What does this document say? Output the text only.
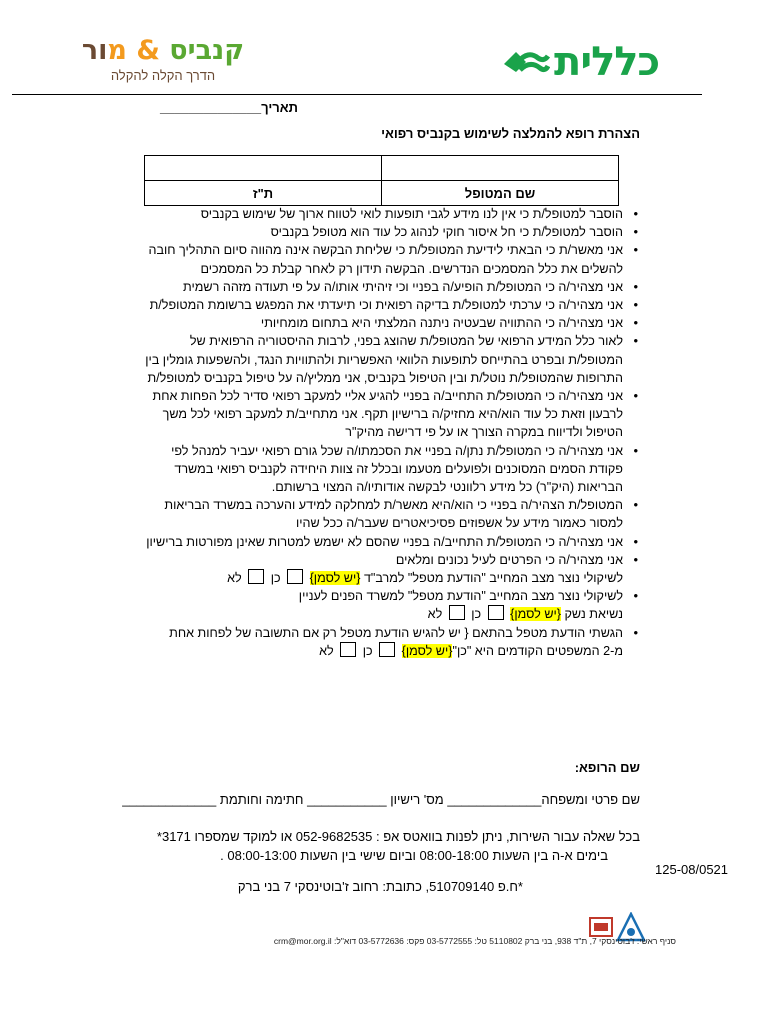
כללית
קנביס & מור
הדרך הקלה להקלה
תאריך______________
הצהרת רופא להמלצה לשימוש בקנביס רפואי

שם המטופל	ת"ז
• הוסבר למטופל/ת כי אין לנו מידע לגבי תופעות לואי לטווח ארוך של שימוש בקנביס
• הוסבר למטופל/ת כי חל איסור חוקי לנהוג כל עוד הוא מטופל בקנביס
• אני מאשר/ת כי הבאתי לידיעת המטופל/ת כי שליחת הבקשה אינה מהווה סיום התהליך חובה להשלים את כלל המסמכים הנדרשים. הבקשה תידון רק לאחר קבלת כל המסמכים
• אני מצהיר/ה כי המטופל/ת הופיע/ה בפניי וכי זיהיתי אותו/ה על פי תעודה מזהה רשמית
• אני מצהיר/ה כי ערכתי למטופל/ת בדיקה רפואית וכי תיעדתי את המפגש ברשומת המטופל/ת
• אני מצהיר/ה כי ההתוויה שבעטיה ניתנה המלצתי היא בתחום מומחיותי
• לאור כלל המידע הרפואי של המטופל/ת שהוצג בפני, לרבות ההיסטוריה הרפואית של המטופל/ת ובפרט בהתייחס לתופעות הלוואי האפשריות ולהתוויות הנגד, ולהשפעות גומלין בין התרופות שהמטופל/ת נוטל/ת ובין הטיפול בקנביס, אני ממליץ/ה על טיפול בקנביס למטופל/ת
• אני מצהיר/ה כי המטופל/ת התחייב/ה בפניי להגיע אליי למעקב רפואי סדיר לכל הפחות אחת לרבעון וזאת כל עוד הוא/היא מחזיק/ה ברישיון תקף. אני מתחייב/ת למעקב רפואי לכל משך הטיפול ולדיווח במקרה הצורך או על פי דרישה מהיק"ר
• אני מצהיר/ה כי המטופל/ת נתן/ה בפניי את הסכמתו/ה שכל גורם רפואי יעביר למנהל לפי פקודת הסמים המסוכנים ולפועלים מטעמו ובכלל זה צוות היחידה לקנביס רפואי במשרד הבריאות (היק"ר) כל מידע רלוונטי לבקשה אודותיו/ה המצוי ברשותם.
• המטופל/ת הצהיר/ה בפניי כי הוא/היא מאשר/ת למחלקה למידע והערכה במשרד הבריאות למסור כאמור מידע על אשפוזים פסיכיאטרים שעבר/ה ככל שהיו
• אני מצהיר/ה כי המטופל/ת התחייב/ה בפניי שהסם לא ישמש למטרות שאינן מפורטות ברישיון
• אני מצהיר/ה כי הפרטים לעיל נכונים ומלאים
לשיקולי נוצר מצב המחייב "הודעת מטפל" למרב"ד {יש לסמן}  כן  לא
• לשיקולי נוצר מצב המחייב "הודעת מטפל" למשרד הפנים לעניין
נשיאת נשק {יש לסמן}  כן  לא
• הגשתי הודעת מטפל בהתאם { יש להגיש הודעת מטפל רק אם התשובה של לפחות אחת
מ-2 המשפטים הקודמים היא "כן"{יש לסמן}  כן  לא
שם הרופא:
שם פרטי ומשפחה_____________ מס' רישיון ___________ חתימה וחותמת _____________
בכל שאלה עבור השירות, ניתן לפנות בוואטס אפ : 052-9682535 או למוקד שמספרו 3171*
בימים א-ה בין השעות 08:00-18:00 וביום שישי בין השעות 08:00-13:00 .
125-08/0521
*ח.פ 510709140, כתובת: רחוב ז'בוטינסקי 7 בני ברק
סניף ראשי: ז'בוטינסקי 7, ת"ד 938, בני ברק 5110802 טל: 03-5772555 פקס: 03-5772636 דוא"ל: crm@mor.org.il
